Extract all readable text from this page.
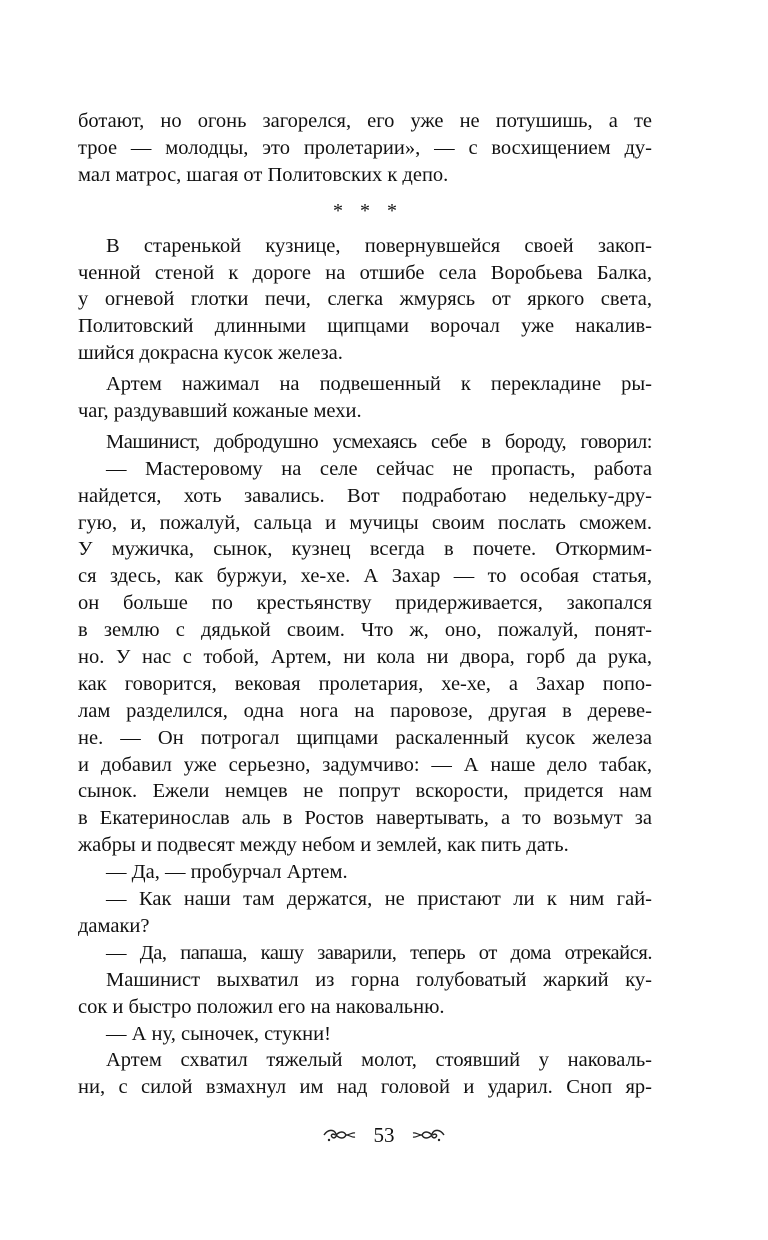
ботают, но огонь загорелся, его уже не потушишь, а те
трое — молодцы, это пролетарии», — с восхищением ду-
мал матрос, шагая от Политовских к депо.
* * *
В старенькой кузнице, повернувшейся своей закоп-
ченной стеной к дороге на отшибе села Воробьева Балка,
у огневой глотки печи, слегка жмурясь от яркого света,
Политовский длинными щипцами ворочал уже накалив-
шийся докрасна кусок железа.
Артем нажимал на подвешенный к перекладине ры-
чаг, раздувавший кожаные мехи.
Машинист, добродушно усмехаясь себе в бороду, говорил:
— Мастеровому на селе сейчас не пропасть, работа
найдется, хоть завались. Вот подработаю недельку-дру-
гую, и, пожалуй, сальца и мучицы своим послать сможем.
У мужичка, сынок, кузнец всегда в почете. Откормим-
ся здесь, как буржуи, хе-хе. А Захар — то особая статья,
он больше по крестьянству придерживается, закопался
в землю с дядькой своим. Что ж, оно, пожалуй, понят-
но. У нас с тобой, Артем, ни кола ни двора, горб да рука,
как говорится, вековая пролетария, хе-хе, а Захар попо-
лам разделился, одна нога на паровозе, другая в дереве-
не. — Он потрогал щипцами раскаленный кусок железа
и добавил уже серьезно, задумчиво: — А наше дело табак,
сынок. Ежели немцев не попрут вскорости, придется нам
в Екатеринослав аль в Ростов навертывать, а то возьмут за
жабры и подвесят между небом и землей, как пить дать.
— Да, — пробурчал Артем.
— Как наши там держатся, не пристают ли к ним гай-
дамаки?
— Да, папаша, кашу заварили, теперь от дома отрекайся.
Машинист выхватил из горна голубоватый жаркий ку-
сок и быстро положил его на наковальню.
— А ну, сыночек, стукни!
Артем схватил тяжелый молот, стоявший у наковаль-
ни, с силой взмахнул им над головой и ударил. Сноп яр-
53
